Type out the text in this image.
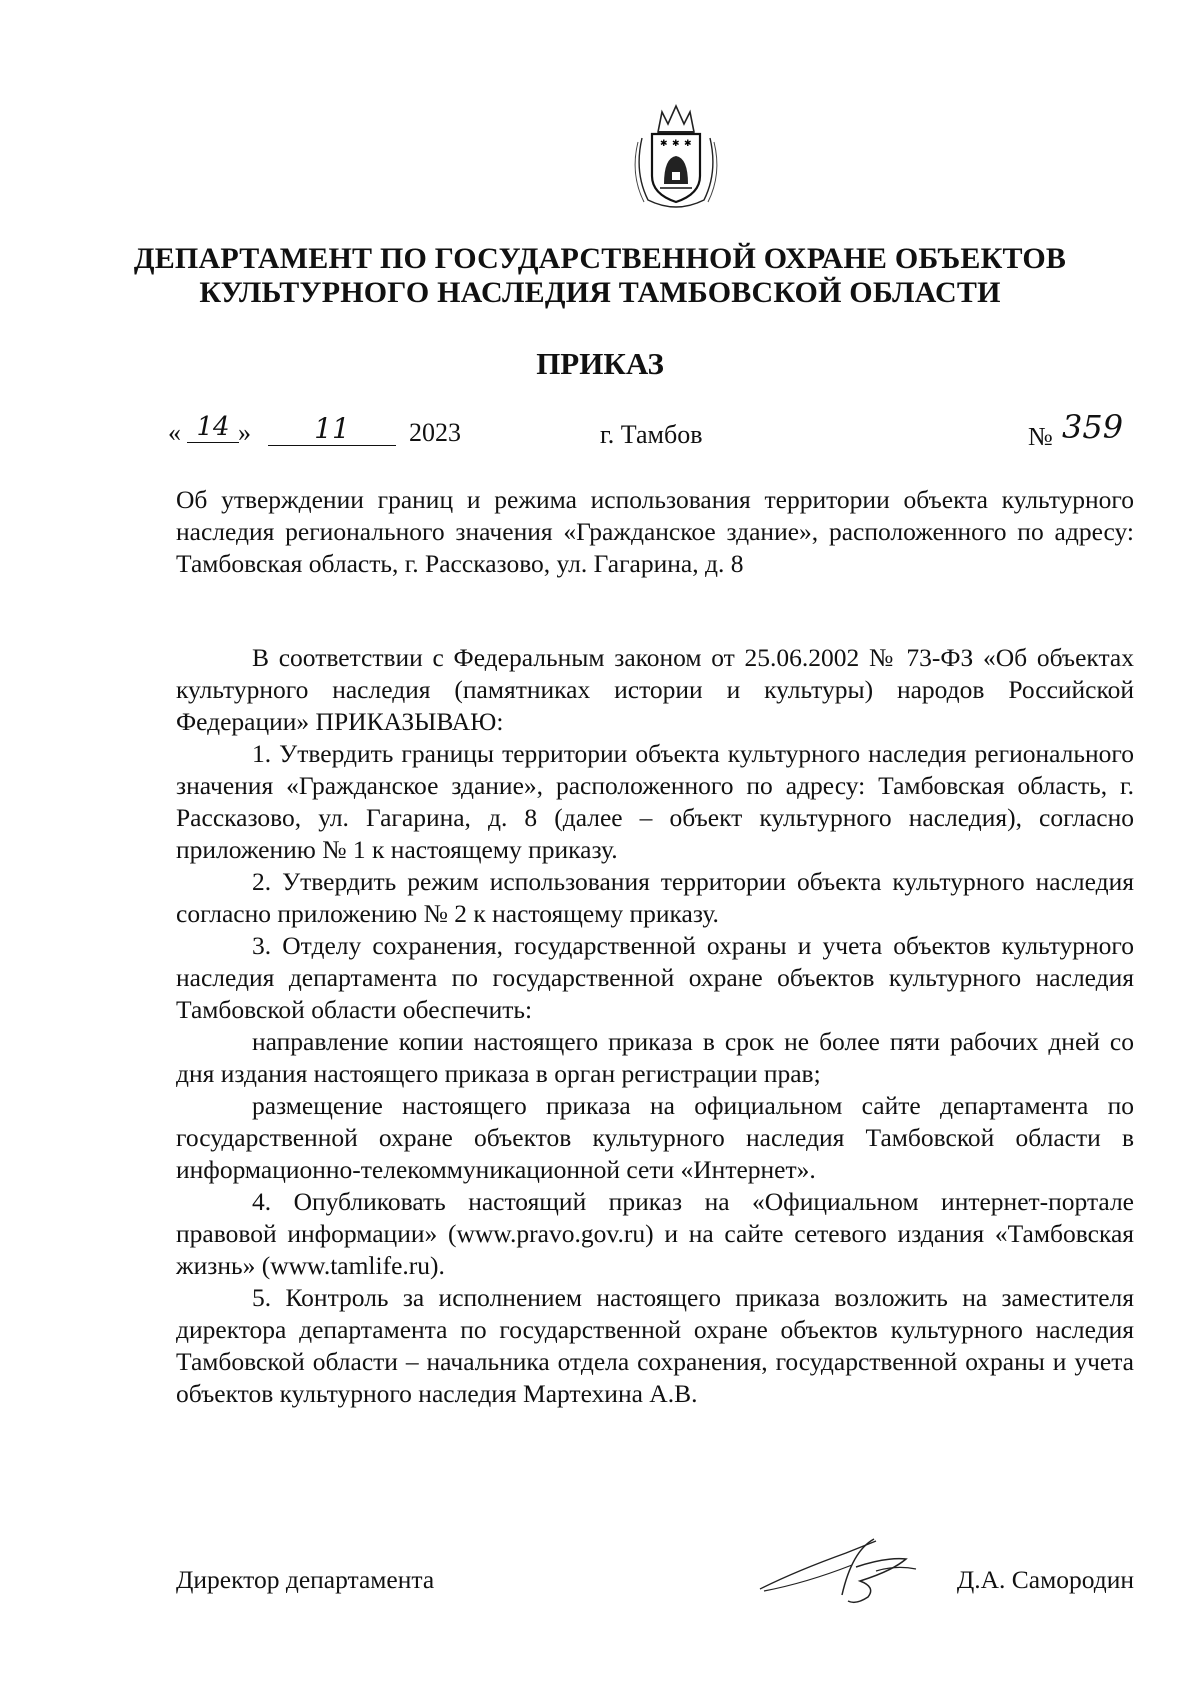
✱ ✱ ✱
ДЕПАРТАМЕНТ ПО ГОСУДАРСТВЕННОЙ ОХРАНЕ ОБЪЕКТОВ
КУЛЬТУРНОГО НАСЛЕДИЯ ТАМБОВСКОЙ ОБЛАСТИ
ПРИКАЗ
« 14 »	11	2023	г. Тамбов	№ 359

Об утверждении границ и режима использования территории объекта культурного наследия регионального значения «Гражданское здание», расположенного по адресу: Тамбовская область, г. Рассказово, ул. Гагарина, д. 8

В соответствии с Федеральным законом от 25.06.2002 № 73-ФЗ «Об объектах культурного наследия (памятниках истории и культуры) народов Российской Федерации» ПРИКАЗЫВАЮ:

1. Утвердить границы территории объекта культурного наследия регионального значения «Гражданское здание», расположенного по адресу: Тамбовская область, г. Рассказово, ул. Гагарина, д. 8 (далее – объект культурного наследия), согласно приложению № 1 к настоящему приказу.

2. Утвердить режим использования территории объекта культурного наследия согласно приложению № 2 к настоящему приказу.

3. Отделу сохранения, государственной охраны и учета объектов культурного наследия департамента по государственной охране объектов культурного наследия Тамбовской области обеспечить:

направление копии настоящего приказа в срок не более пяти рабочих дней со дня издания настоящего приказа в орган регистрации прав;

размещение настоящего приказа на официальном сайте департамента по государственной охране объектов культурного наследия Тамбовской области в информационно-телекоммуникационной сети «Интернет».

4. Опубликовать настоящий приказ на «Официальном интернет-портале правовой информации» (www.pravo.gov.ru) и на сайте сетевого издания «Тамбовская жизнь» (www.tamlife.ru).

5. Контроль за исполнением настоящего приказа возложить на заместителя директора департамента по государственной охране объектов культурного наследия Тамбовской области – начальника отдела сохранения, государственной охраны и учета объектов культурного наследия Мартехина А.В.

Директор департамента	Д.А. Самородин
